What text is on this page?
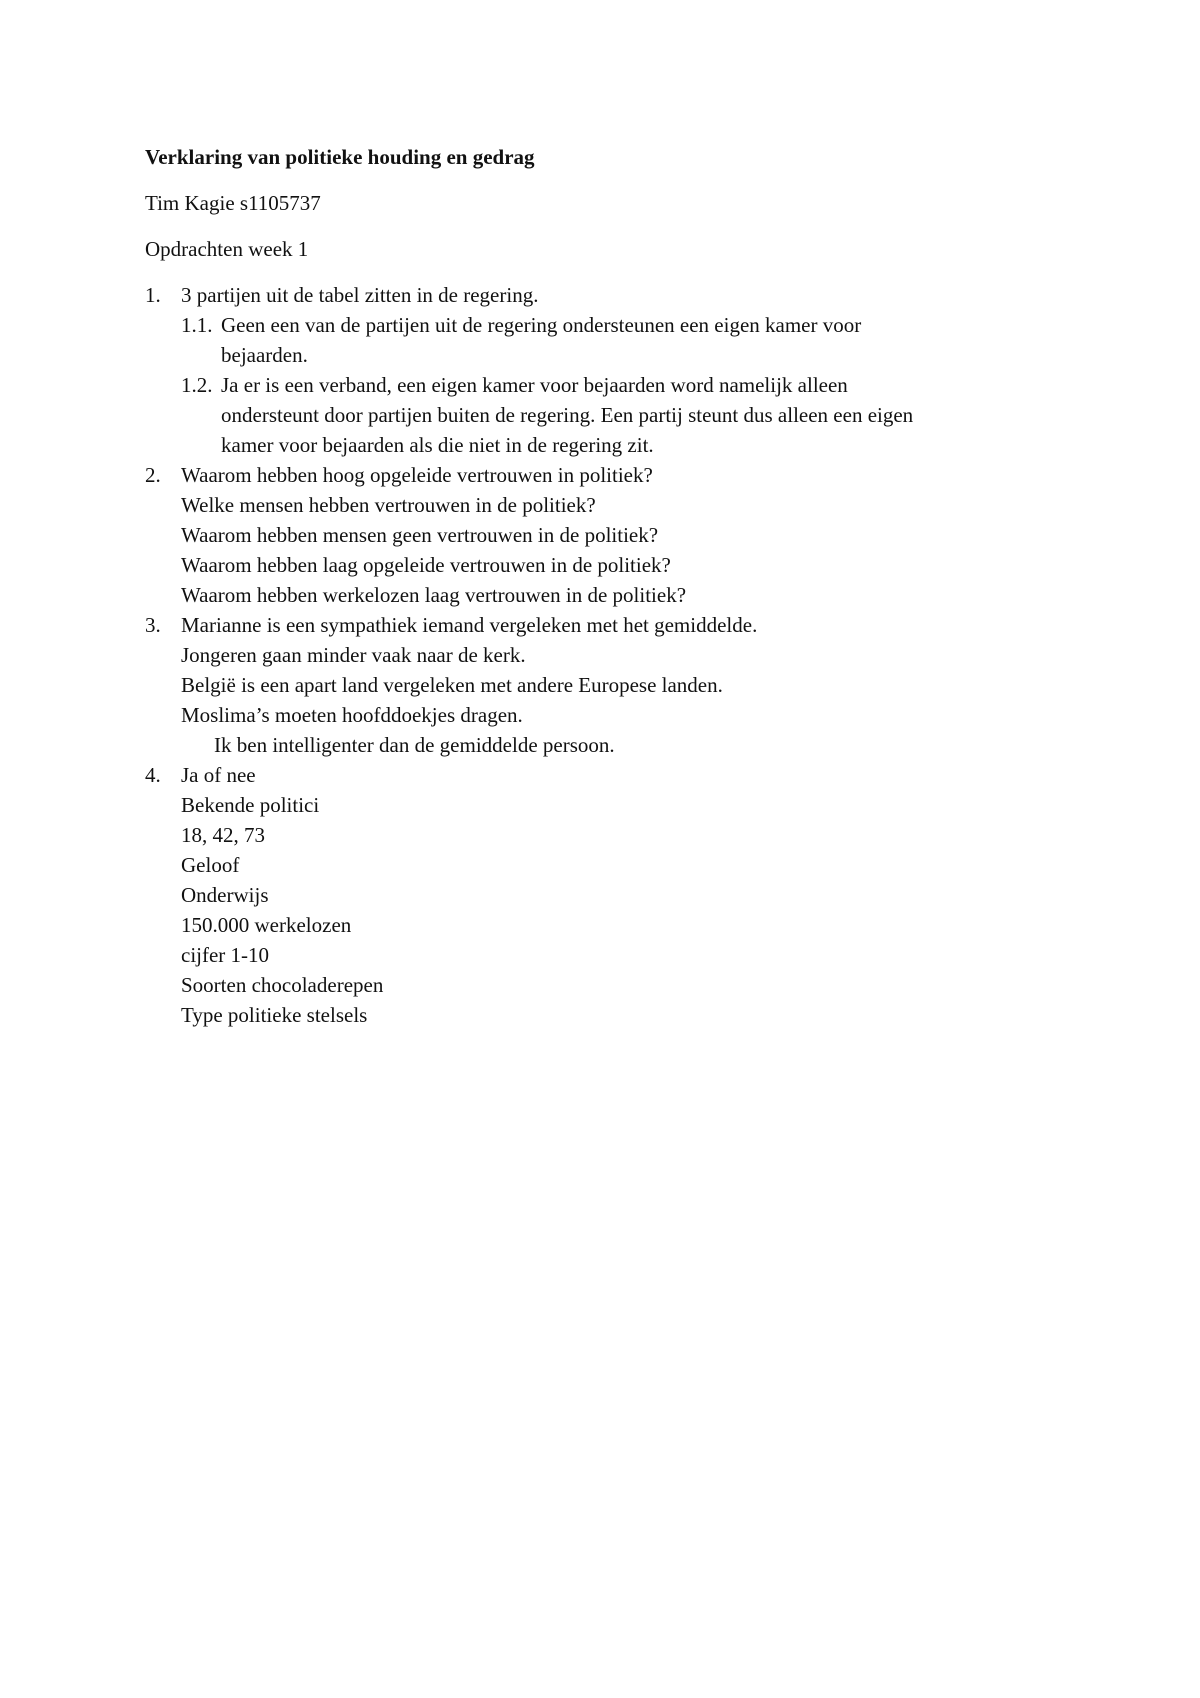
Verklaring van politieke houding en gedrag
Tim Kagie s1105737
Opdrachten week 1
1. 3 partijen uit de tabel zitten in de regering.
1.1. Geen een van de partijen uit de regering ondersteunen een eigen kamer voor
bejaarden.
1.2. Ja er is een verband, een eigen kamer voor bejaarden word namelijk alleen
ondersteunt door partijen buiten de regering. Een partij steunt dus alleen een eigen
kamer voor bejaarden als die niet in de regering zit.
2. Waarom hebben hoog opgeleide vertrouwen in politiek?
Welke mensen hebben vertrouwen in de politiek?
Waarom hebben mensen geen vertrouwen in de politiek?
Waarom hebben laag opgeleide vertrouwen in de politiek?
Waarom hebben werkelozen laag vertrouwen in de politiek?
3. Marianne is een sympathiek iemand vergeleken met het gemiddelde.
Jongeren gaan minder vaak naar de kerk.
België is een apart land vergeleken met andere Europese landen.
Moslima’s moeten hoofddoekjes dragen.
Ik ben intelligenter dan de gemiddelde persoon.
4. Ja of nee
Bekende politici
18, 42, 73
Geloof
Onderwijs
150.000 werkelozen
cijfer 1-10
Soorten chocoladerepen
Type politieke stelsels
